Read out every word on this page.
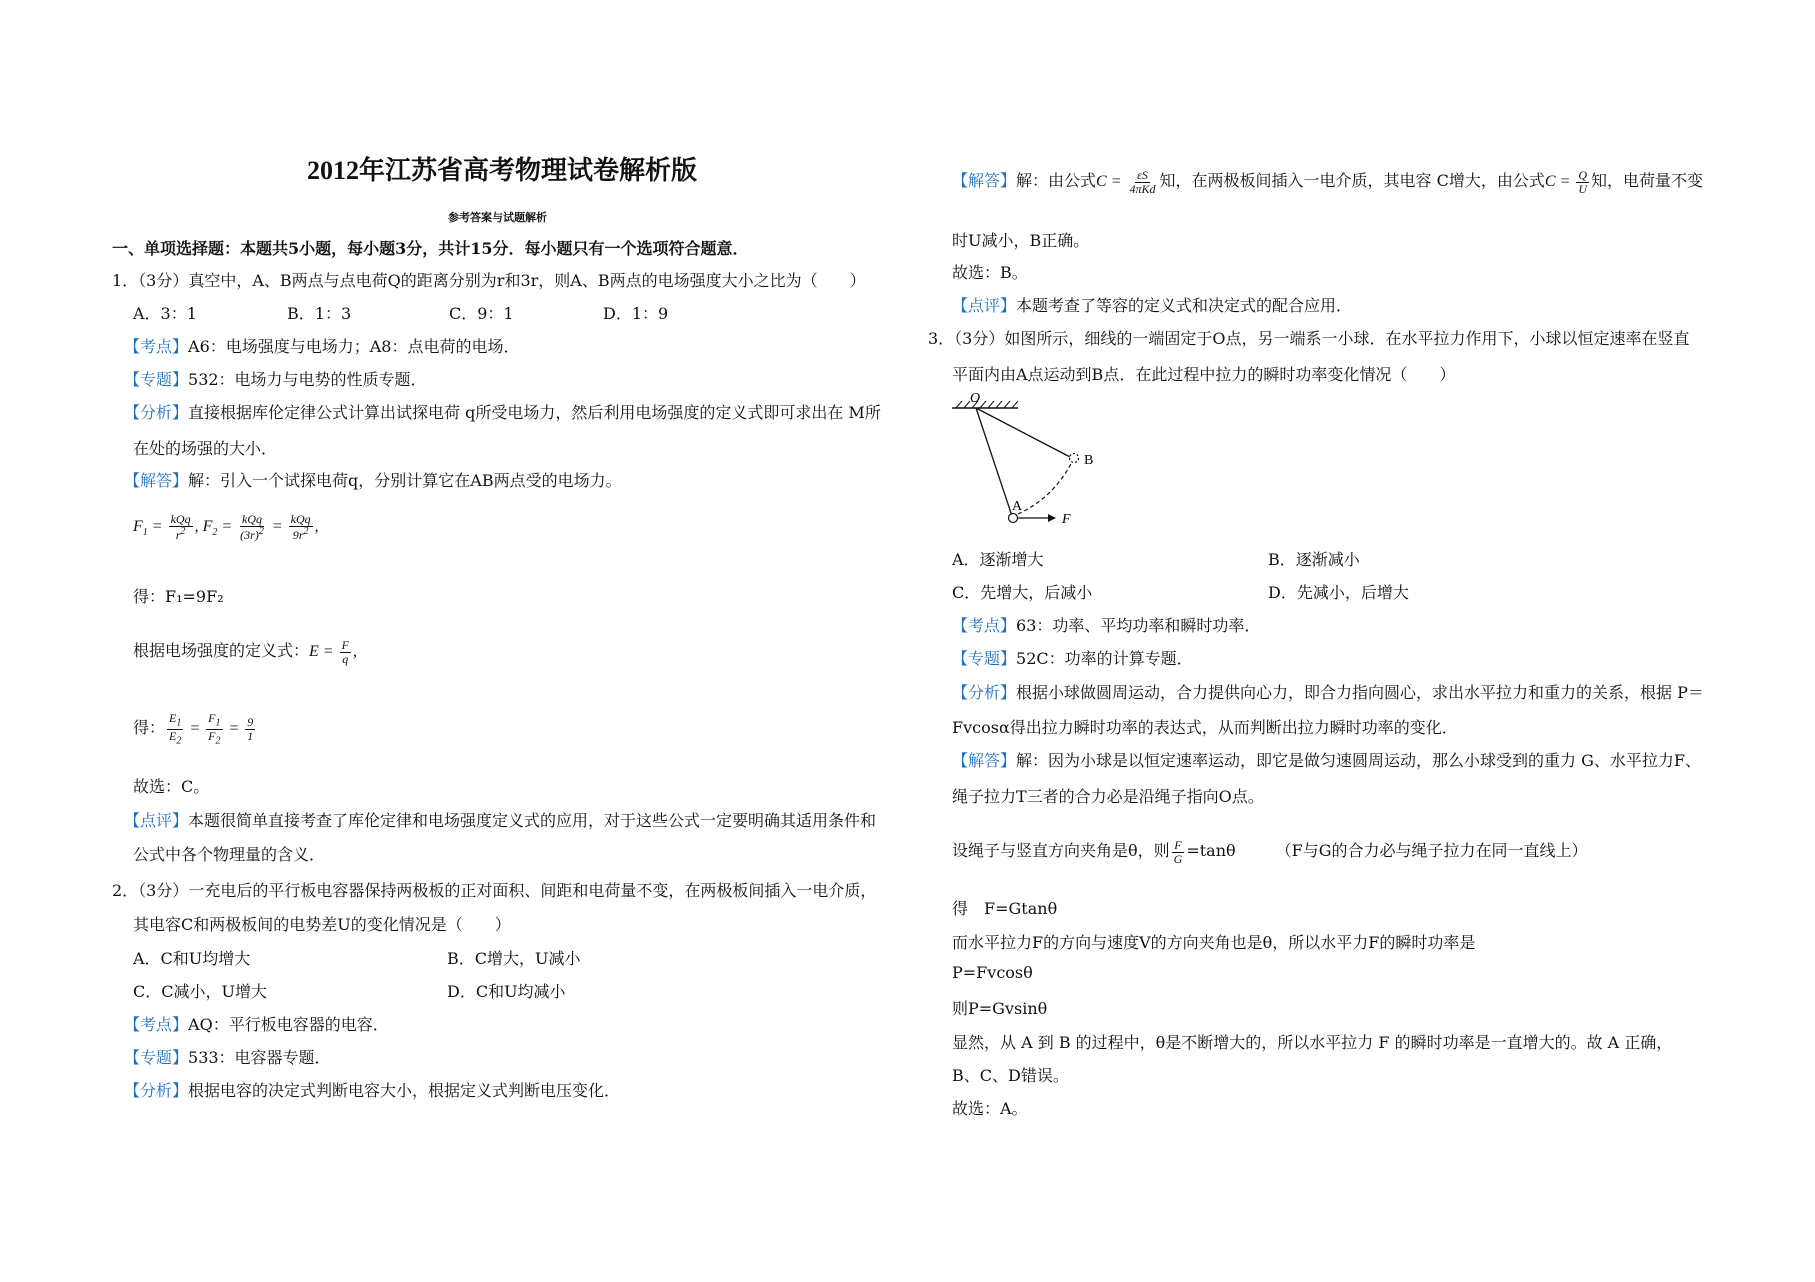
2012年江苏省高考物理试卷解析版
参考答案与试题解析
一、单项选择题：本题共5小题，每小题3分，共计15分．每小题只有一个选项符合题意．
1．（3分）真空中，A、B两点与点电荷Q的距离分别为r和3r，则A、B两点的电场强度大小之比为（　　）
A．3：1	B．1：3	C．9：1	D．1：9
【考点】A6：电场强度与电场力；A8：点电荷的电场．
【专题】532：电场力与电势的性质专题．
【分析】直接根据库伦定律公式计算出试探电荷 q所受电场力，然后利用电场强度的定义式即可求出在 M所
在处的场强的大小．
【解答】解：引入一个试探电荷q，分别计算它在AB两点受的电场力。
$F_1 = \frac{\text{kQq}}{r^2}$ , $F_2 = \frac{\text{kQq}}{(3r)^2} = \frac{\text{kQq}}{9r^2}$ ,
得：F₁=9F₂
根据电场强度的定义式：$E = \frac{F}{q}$ ,
得： $\frac{E_1}{E_2} = \frac{F_1}{F_2} = \frac{9}{1}$
故选：C。
【点评】本题很简单直接考查了库伦定律和电场强度定义式的应用，对于这些公式一定要明确其适用条件和
公式中各个物理量的含义．
2．（3分）一充电后的平行板电容器保持两极板的正对面积、间距和电荷量不变，在两极板间插入一电介质，
其电容C和两极板间的电势差U的变化情况是（　　）
A．C和U均增大	B．C增大，U减小
C．C减小，U增大	D．C和U均减小
【考点】AQ：平行板电容器的电容．
【专题】533：电容器专题．
【分析】根据电容的决定式判断电容大小，根据定义式判断电压变化．
【解答】解：由公式$C = \frac{\varepsilon S}{\text{4πKd}}$ 知，在两极板间插入一电介质，其电容 C增大，由公式$C = \frac{Q}{U}$ 知，电荷量不变
时U减小，B正确。
故选：B。
【点评】本题考查了等容的定义式和决定式的配合应用．
3．（3分）如图所示，细线的一端固定于O点，另一端系一小球．在水平拉力作用下，小球以恒定速率在竖直
平面内由A点运动到B点．在此过程中拉力的瞬时功率变化情况（　　）
O
A
B
F
A．逐渐增大	B．逐渐减小
C．先增大，后减小	D．先减小，后增大
【考点】63：功率、平均功率和瞬时功率．
【专题】52C：功率的计算专题．
【分析】根据小球做圆周运动，合力提供向心力，即合力指向圆心，求出水平拉力和重力的关系，根据 P＝
Fvcosα得出拉力瞬时功率的表达式，从而判断出拉力瞬时功率的变化．
【解答】解：因为小球是以恒定速率运动，即它是做匀速圆周运动，那么小球受到的重力 G、水平拉力F、
绳子拉力T三者的合力必是沿绳子指向O点。
设绳子与竖直方向夹角是θ，则 $\frac{F}{G} =\tan\theta$	（F与G的合力必与绳子拉力在同一直线上）
得　F=Gtanθ
而水平拉力F的方向与速度V的方向夹角也是θ，所以水平力F的瞬时功率是
P=Fvcosθ
则P=Gvsinθ
显然，从 A 到 B 的过程中，θ是不断增大的，所以水平拉力 F 的瞬时功率是一直增大的。故 A 正确，
B、C、D错误。
故选：A。
